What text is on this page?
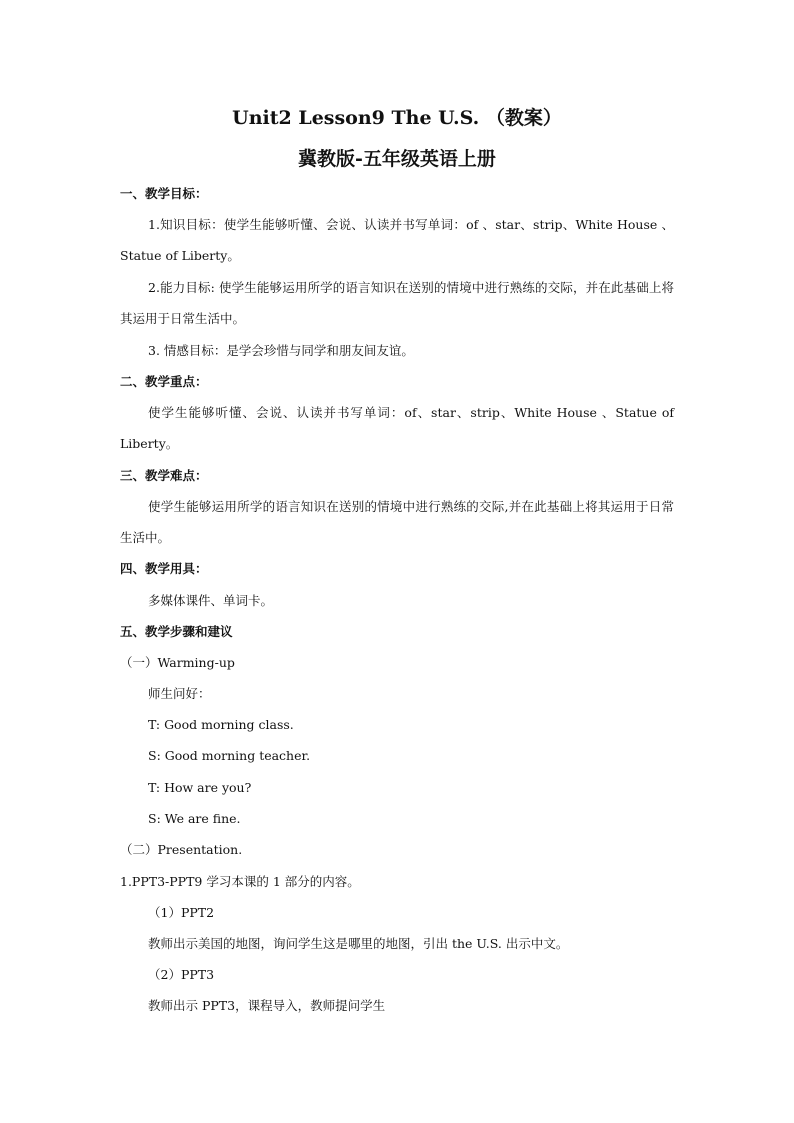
Unit2 Lesson9 The U.S. （教案）
冀教版-五年级英语上册
一、教学目标：
1.知识目标：使学生能够听懂、会说、认读并书写单词：of 、star、strip、White House 、Statue of Liberty。
2.能力目标: 使学生能够运用所学的语言知识在送别的情境中进行熟练的交际，并在此基础上将其运用于日常生活中。
3. 情感目标：是学会珍惜与同学和朋友间友谊。
二、教学重点：
使学生能够听懂、会说、认读并书写单词：of、star、strip、White House 、Statue of Liberty。
三、教学难点：
使学生能够运用所学的语言知识在送别的情境中进行熟练的交际,并在此基础上将其运用于日常生活中。
四、教学用具：
多媒体课件、单词卡。
五、教学步骤和建议
（一）Warming-up
师生问好：
T: Good morning class.
S: Good morning teacher.
T: How are you?
S: We are fine.
（二）Presentation.
1.PPT3-PPT9 学习本课的 1 部分的内容。
（1）PPT2
教师出示美国的地图，询问学生这是哪里的地图，引出 the U.S. 出示中文。
（2）PPT3
教师出示 PPT3，课程导入，教师提问学生
